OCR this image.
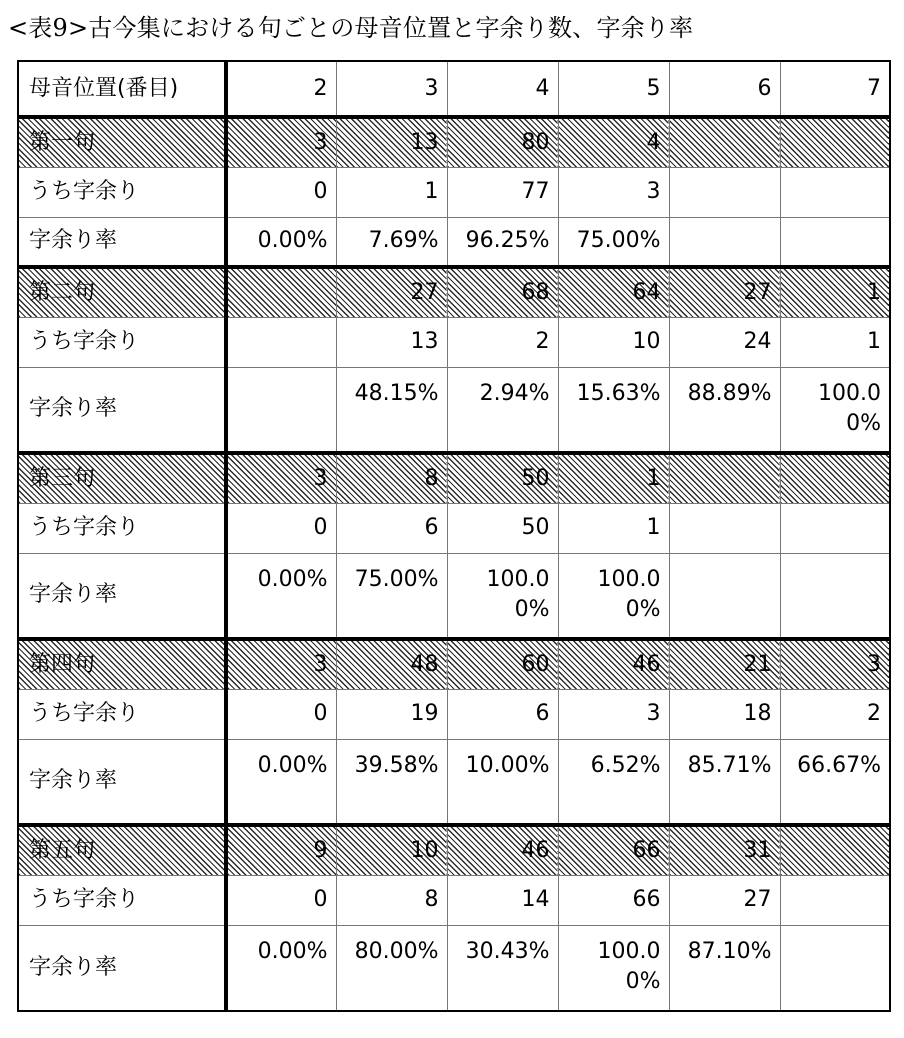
<表9>古今集における句ごとの母音位置と字余り数、字余り率
母音位置(番目)	2	3	4	5	6	7
第一句	3	13	80	4		
うち字余り	0	1	77	3		
字余り率	0.00%	7.69%	96.25%	75.00%		
第二句		27	68	64	27	1
うち字余り		13	2	10	24	1
字余り率		48.15%	2.94%	15.63%	88.89%	100.00%
第三句	3	8	50	1		
うち字余り	0	6	50	1		
字余り率	0.00%	75.00%	100.00%	100.00%		
第四句	3	48	60	46	21	3
うち字余り	0	19	6	3	18	2
字余り率	0.00%	39.58%	10.00%	6.52%	85.71%	66.67%
第五句	9	10	46	66	31	
うち字余り	0	8	14	66	27	
字余り率	0.00%	80.00%	30.43%	100.00%	87.10%	
